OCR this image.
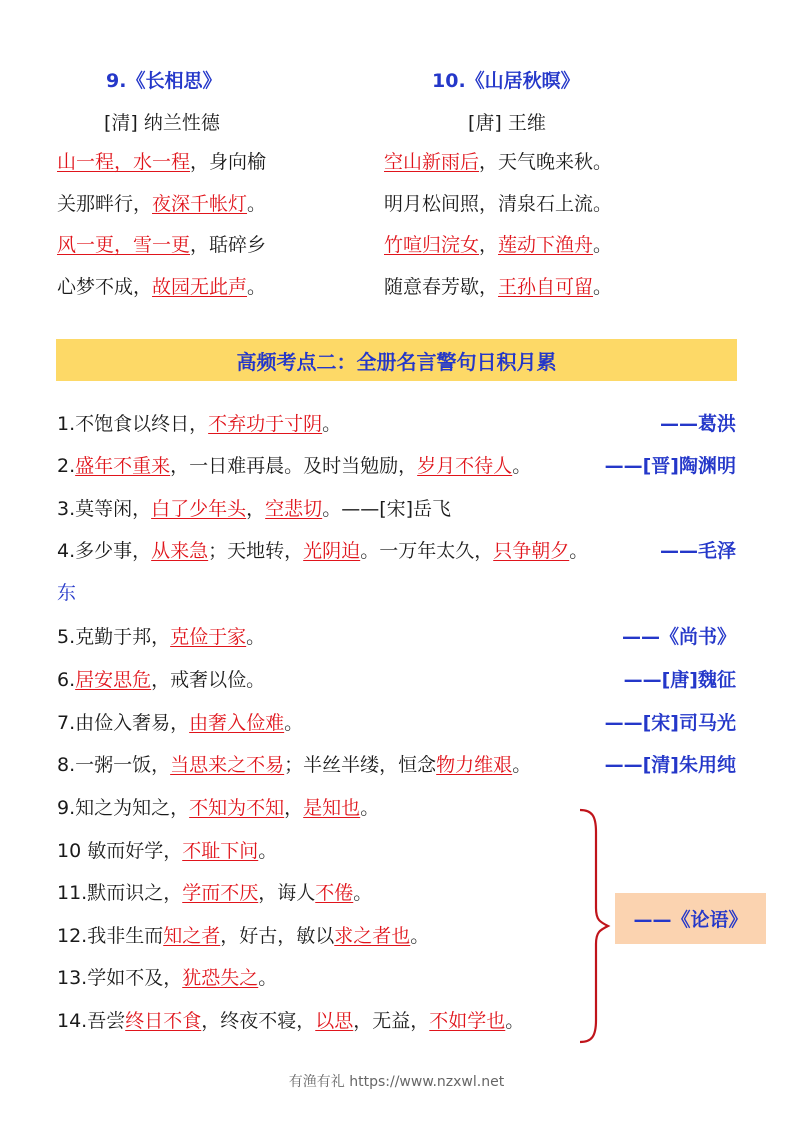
9.《长相思》
[清] 纳兰性德
山一程，水一程，身向榆
关那畔行，夜深千帐灯。
风一更，雪一更，聒碎乡
心梦不成，故园无此声。
10.《山居秋暝》
[唐] 王维
空山新雨后，天气晚来秋。
明月松间照，清泉石上流。
竹喧归浣女，莲动下渔舟。
随意春芳歇，王孙自可留。
高频考点二：全册名言警句日积月累
1.不饱食以终日，不弃功于寸阴。	——葛洪
2.盛年不重来，一日难再晨。及时当勉励，岁月不待人。	——[晋]陶渊明
3.莫等闲，白了少年头，空悲切。——[宋]岳飞
4.多少事，从来急；天地转，光阴迫。一万年太久，只争朝夕。	——毛泽
东
5.克勤于邦，克俭于家。	——《尚书》
6.居安思危，戒奢以俭。	——[唐]魏征
7.由俭入奢易，由奢入俭难。	——[宋]司马光
8.一粥一饭，当思来之不易；半丝半缕，恒念物力维艰。	——[清]朱用纯
9.知之为知之，不知为不知，是知也。
10 敏而好学，不耻下问。
11.默而识之，学而不厌，诲人不倦。
12.我非生而知之者，好古，敏以求之者也。
13.学如不及，犹恐失之。
14.吾尝终日不食，终夜不寝，以思，无益，不如学也。
——《论语》
有渔有礼 https://www.nzxwl.net
